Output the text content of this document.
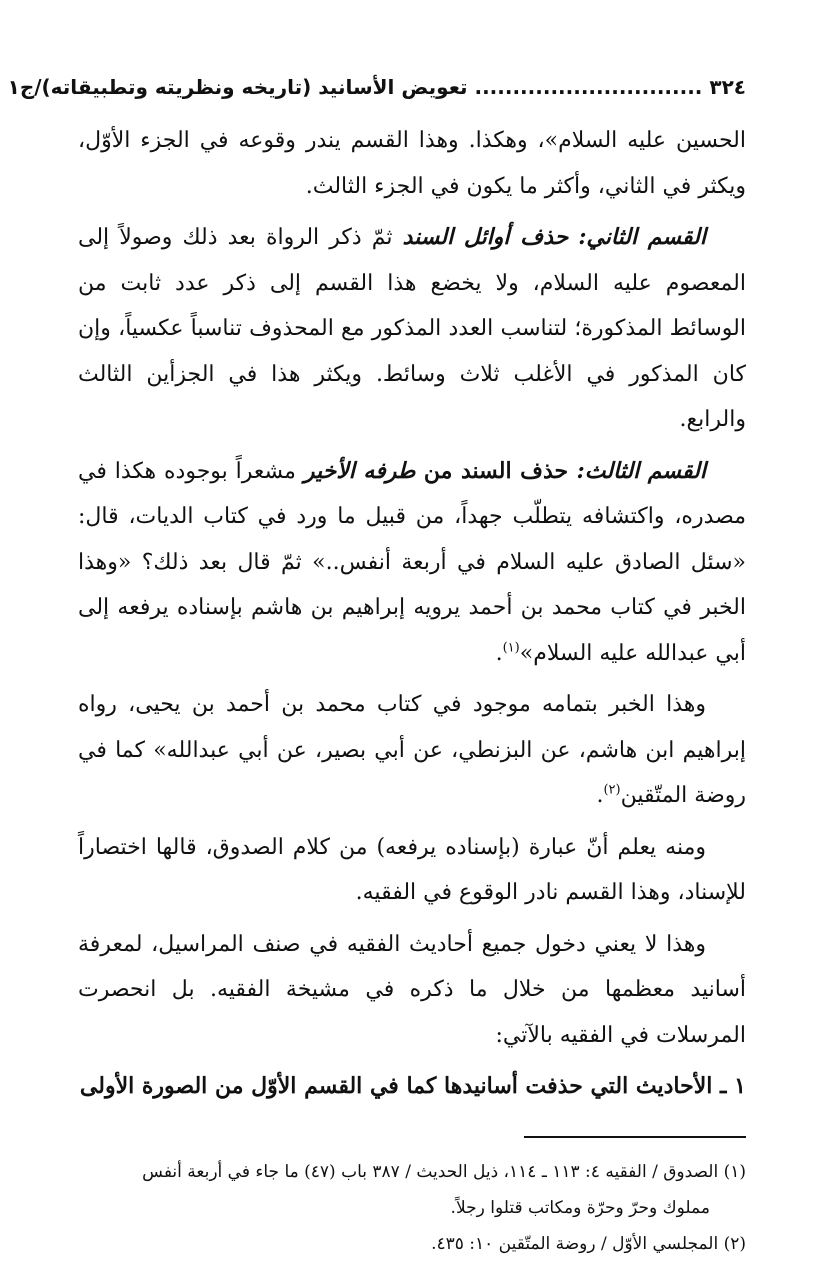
٣٢٤ .............................. تعويض الأسانيد (تاريخه ونظريته وتطبيقاته)/ج١

الحسين عليه السلام»، وهكذا. وهذا القسم يندر وقوعه في الجزء الأوّل، ويكثر في الثاني، وأكثر ما يكون في الجزء الثالث.

القسم الثاني: حذف أوائل السند ثمّ ذكر الرواة بعد ذلك وصولاً إلى المعصوم عليه السلام، ولا يخضع هذا القسم إلى ذكر عدد ثابت من الوسائط المذكورة؛ لتناسب العدد المذكور مع المحذوف تناسباً عكسياً، وإن كان المذكور في الأغلب ثلاث وسائط. ويكثر هذا في الجزأين الثالث والرابع.

القسم الثالث: حذف السند من طرفه الأخير مشعراً بوجوده هكذا في مصدره، واكتشافه يتطلّب جهداً، من قبيل ما ورد في كتاب الديات، قال: «سئل الصادق عليه السلام في أربعة أنفس..» ثمّ قال بعد ذلك؟ «وهذا الخبر في كتاب محمد بن أحمد يرويه إبراهيم بن هاشم بإسناده يرفعه إلى أبي عبدالله عليه السلام»$^{(١)}$.

وهذا الخبر بتمامه موجود في كتاب محمد بن أحمد بن يحيى، رواه إبراهيم ابن هاشم، عن البزنطي، عن أبي بصير، عن أبي عبدالله» كما في روضة المتّقين$^{(٢)}$.

ومنه يعلم أنّ عبارة (بإسناده يرفعه) من كلام الصدوق، قالها اختصاراً للإسناد، وهذا القسم نادر الوقوع في الفقيه.

وهذا لا يعني دخول جميع أحاديث الفقيه في صنف المراسيل، لمعرفة أسانيد معظمها من خلال ما ذكره في مشيخة الفقيه. بل انحصرت المرسلات في الفقيه بالآتي:

١ ـ الأحاديث التي حذفت أسانيدها كما في القسم الأوّل من الصورة الأولى

(١) الصدوق / الفقيه ٤: ١١٣ ـ ١١٤، ذيل الحديث / ٣٨٧ باب (٤٧) ما جاء في أربعة أنفس

مملوك وحرّ وحرّة ومكاتب قتلوا رجلاً.

(٢) المجلسي الأوّل / روضة المتّقين ١٠: ٤٣٥.
